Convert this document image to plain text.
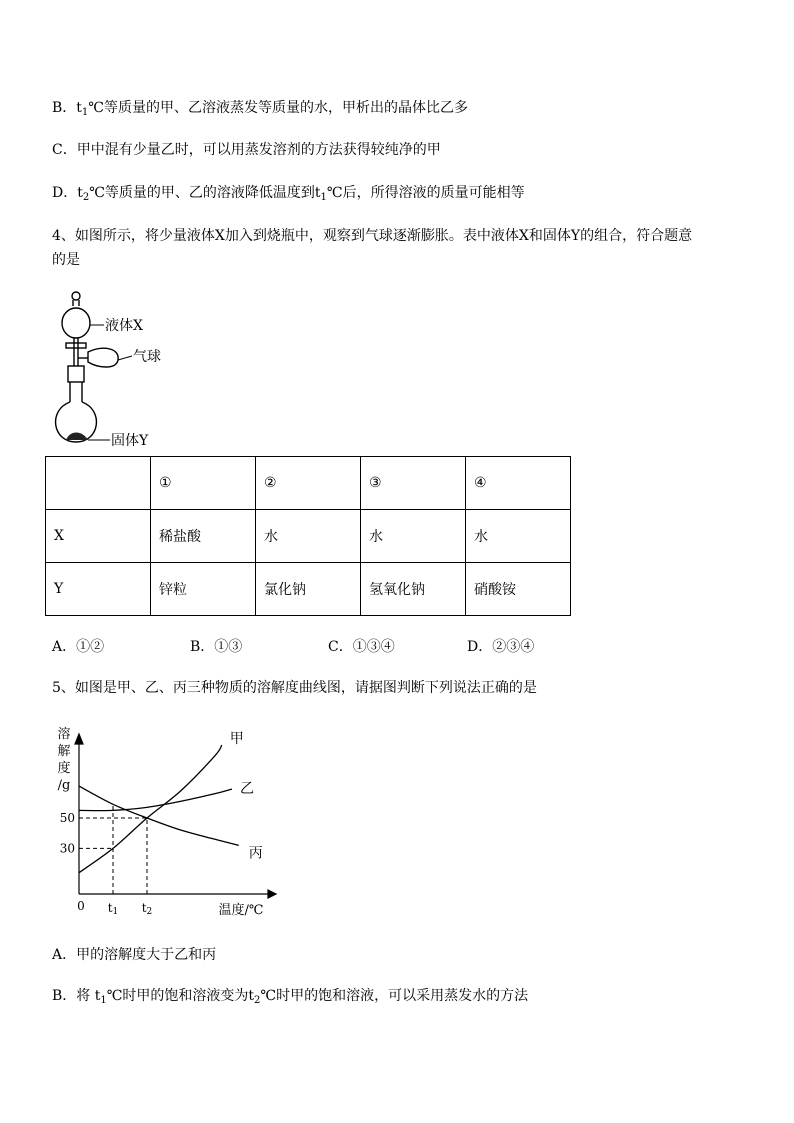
B．$t_1℃$等质量的甲、乙溶液蒸发等质量的水，甲析出的晶体比乙多
C．甲中混有少量乙时，可以用蒸发溶剂的方法获得较纯净的甲
D．$t_2℃$等质量的甲、乙的溶液降低温度到$t_1℃$后，所得溶液的质量可能相等
4、如图所示，将少量液体X加入到烧瓶中，观察到气球逐渐膨胀。表中液体X和固体Y的组合，符合题意
的是
液体X
气球
固体Y
	①	②	③	④
X	稀盐酸	水	水	水
Y	锌粒	氯化钠	氢氧化钠	硝酸铵
A．①②	B．①③	C．①③④	D．②③④
5、如图是甲、乙、丙三种物质的溶解度曲线图，请据图判断下列说法正确的是
溶
解
度
/g
0 t1 t2
50
30
温度/℃
甲
乙
丙
A．甲的溶解度大于乙和丙
B．将 $t_1℃$时甲的饱和溶液变为$t_2℃$时甲的饱和溶液，可以采用蒸发水的方法
